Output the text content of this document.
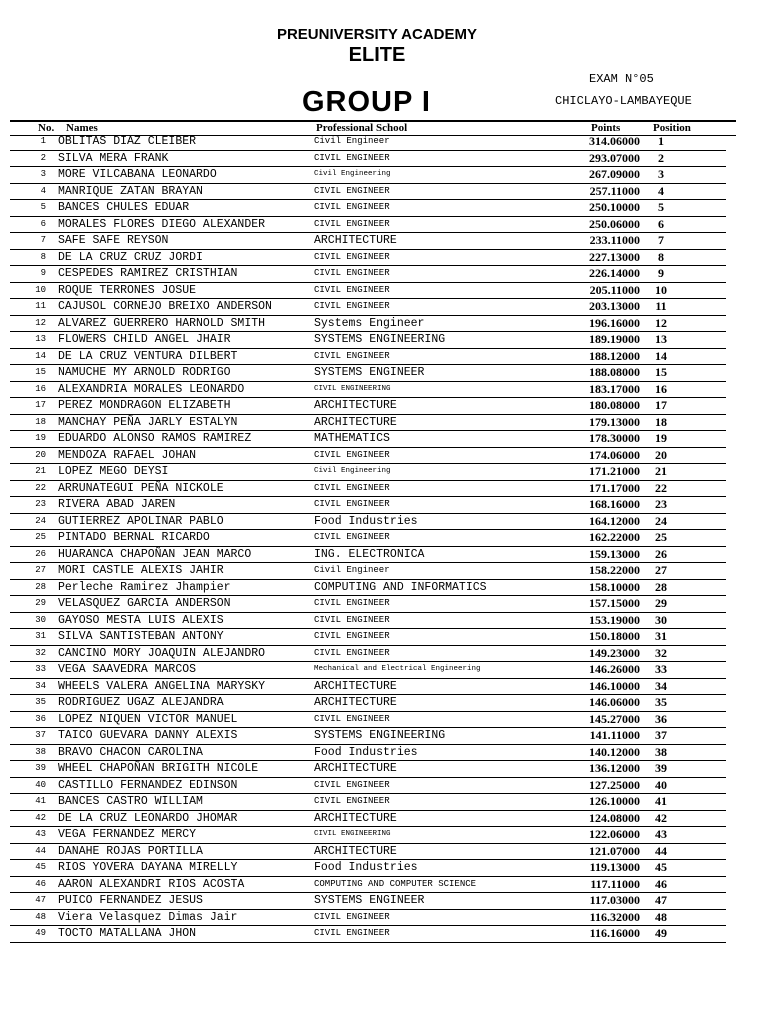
PREUNIVERSITY ACADEMY
ELITE
GROUP I
EXAM N°05
CHICLAYO-LAMBAYEQUE
No. Names	Professional School	Points	Position
1 OBLITAS DIAZ CLEIBER	Civil Engineer	314.06000	1
2 SILVA MERA FRANK	CIVIL ENGINEER	293.07000	2
3 MORE VILCABANA LEONARDO	Civil Engineering	267.09000	3
4 MANRIQUE ZATAN BRAYAN	CIVIL ENGINEER	257.11000	4
5 BANCES CHULES EDUAR	CIVIL ENGINEER	250.10000	5
6 MORALES FLORES DIEGO ALEXANDER	CIVIL ENGINEER	250.06000	6
7 SAFE SAFE REYSON	ARCHITECTURE	233.11000	7
8 DE LA CRUZ CRUZ JORDI	CIVIL ENGINEER	227.13000	8
9 CESPEDES RAMIREZ CRISTHIAN	CIVIL ENGINEER	226.14000	9
10 ROQUE TERRONES JOSUE	CIVIL ENGINEER	205.11000	10
11 CAJUSOL CORNEJO BREIXO ANDERSON	CIVIL ENGINEER	203.13000	11
12 ALVAREZ GUERRERO HARNOLD SMITH	Systems Engineer	196.16000	12
13 FLOWERS CHILD ANGEL JHAIR	SYSTEMS ENGINEERING	189.19000	13
14 DE LA CRUZ VENTURA DILBERT	CIVIL ENGINEER	188.12000	14
15 NAMUCHE MY ARNOLD RODRIGO	SYSTEMS ENGINEER	188.08000	15
16 ALEXANDRIA MORALES LEONARDO	CIVIL ENGINEERING	183.17000	16
17 PEREZ MONDRAGON ELIZABETH	ARCHITECTURE	180.08000	17
18 MANCHAY PEÑA JARLY ESTALYN	ARCHITECTURE	179.13000	18
19 EDUARDO ALONSO RAMOS RAMIREZ	MATHEMATICS	178.30000	19
20 MENDOZA RAFAEL JOHAN	CIVIL ENGINEER	174.06000	20
21 LOPEZ MEGO DEYSI	Civil Engineering	171.21000	21
22 ARRUNATEGUI PEÑA NICKOLE	CIVIL ENGINEER	171.17000	22
23 RIVERA ABAD JAREN	CIVIL ENGINEER	168.16000	23
24 GUTIERREZ APOLINAR PABLO	Food Industries	164.12000	24
25 PINTADO BERNAL RICARDO	CIVIL ENGINEER	162.22000	25
26 HUARANCA CHAPOÑAN JEAN MARCO	ING. ELECTRONICA	159.13000	26
27 MORI CASTLE ALEXIS JAHIR	Civil Engineer	158.22000	27
28 Perleche Ramirez Jhampier	COMPUTING AND INFORMATICS	158.10000	28
29 VELASQUEZ GARCIA ANDERSON	CIVIL ENGINEER	157.15000	29
30 GAYOSO MESTA LUIS ALEXIS	CIVIL ENGINEER	153.19000	30
31 SILVA SANTISTEBAN ANTONY	CIVIL ENGINEER	150.18000	31
32 CANCINO MORY JOAQUIN ALEJANDRO	CIVIL ENGINEER	149.23000	32
33 VEGA SAAVEDRA MARCOS	Mechanical and Electrical Engineering	146.26000	33
34 WHEELS VALERA ANGELINA MARYSKY	ARCHITECTURE	146.10000	34
35 RODRIGUEZ UGAZ ALEJANDRA	ARCHITECTURE	146.06000	35
36 LOPEZ NIQUEN VICTOR MANUEL	CIVIL ENGINEER	145.27000	36
37 TAICO GUEVARA DANNY ALEXIS	SYSTEMS ENGINEERING	141.11000	37
38 BRAVO CHACON CAROLINA	Food Industries	140.12000	38
39 WHEEL CHAPOÑAN BRIGITH NICOLE	ARCHITECTURE	136.12000	39
40 CASTILLO FERNANDEZ EDINSON	CIVIL ENGINEER	127.25000	40
41 BANCES CASTRO WILLIAM	CIVIL ENGINEER	126.10000	41
42 DE LA CRUZ LEONARDO JHOMAR	ARCHITECTURE	124.08000	42
43 VEGA FERNANDEZ MERCY	CIVIL ENGINEERING	122.06000	43
44 DANAHE ROJAS PORTILLA	ARCHITECTURE	121.07000	44
45 RIOS YOVERA DAYANA MIRELLY	Food Industries	119.13000	45
46 AARON ALEXANDRI RIOS ACOSTA	COMPUTING AND COMPUTER SCIENCE	117.11000	46
47 PUICO FERNANDEZ JESUS	SYSTEMS ENGINEER	117.03000	47
48 Viera Velasquez Dimas Jair	CIVIL ENGINEER	116.32000	48
49 TOCTO MATALLANA JHON	CIVIL ENGINEER	116.16000	49
